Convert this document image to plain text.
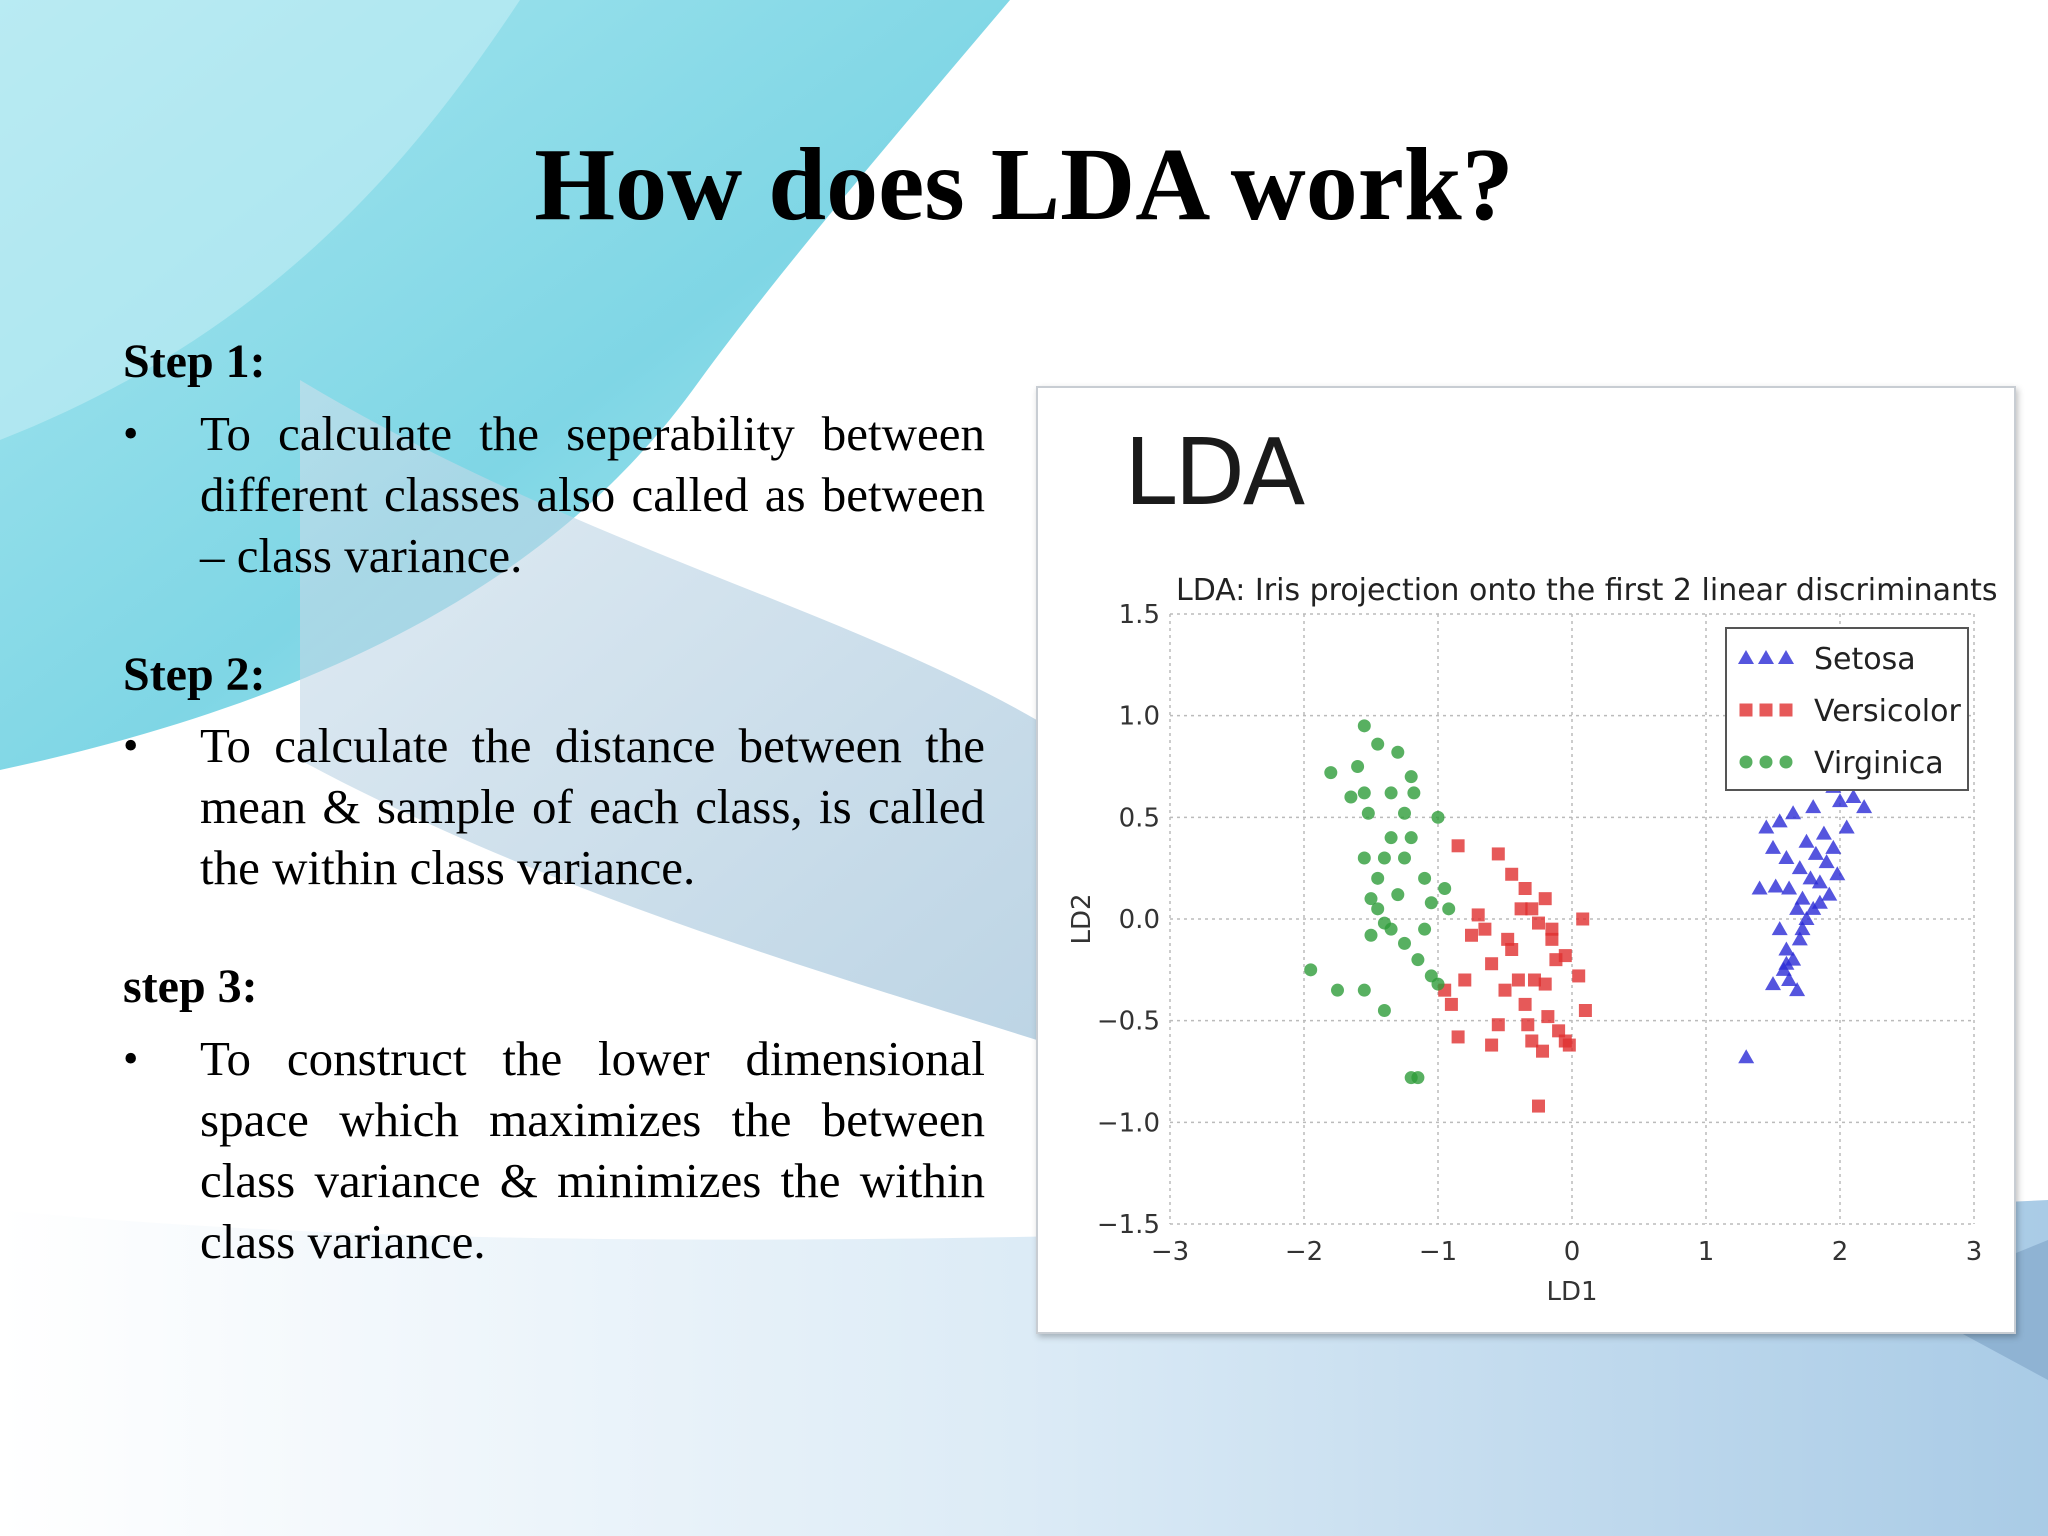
How does LDA work?
Step 1:
•	To calculate the seperability between different classes also called as between – class variance.

Step 2:
•	To calculate the distance between the mean & sample of each class, is called the within class variance.

step 3:
•	To construct the lower dimensional space which maximizes the between class variance & minimizes the within class variance.

LDA
−3	−2	−1	0	1	2	3
−1.5
−1.0
−0.5
0.0
0.5
1.0
1.5
LDA: Iris projection onto the first 2 linear discriminants
LD1
LD2
Setosa
Versicolor
Virginica
